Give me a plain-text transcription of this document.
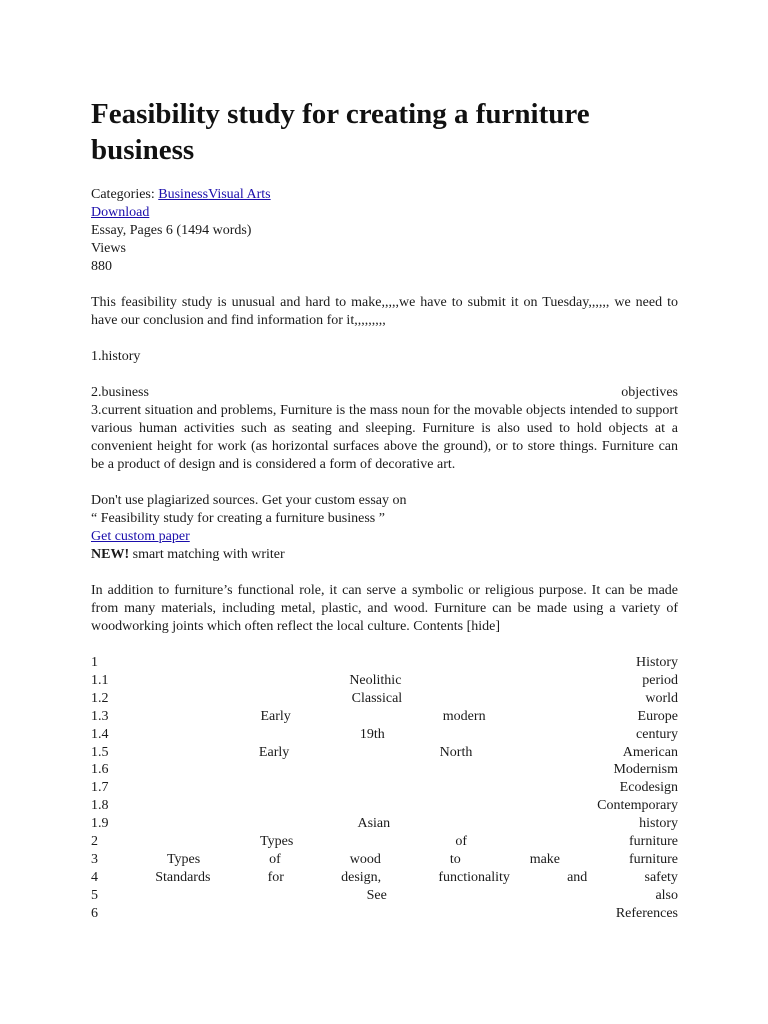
Feasibility study for creating a furniture business
Categories: BusinessVisual Arts
Download
Essay, Pages 6 (1494 words)
Views
880

This feasibility study is unusual and hard to make,,,,,we have to submit it on Tuesday,,,,,, we need to have our conclusion and find information for it,,,,,,,,,

1.history

2.business	objectives

3.current situation and problems, Furniture is the mass noun for the movable objects intended to support various human activities such as seating and sleeping. Furniture is also used to hold objects at a convenient height for work (as horizontal surfaces above the ground), or to store things. Furniture can be a product of design and is considered a form of decorative art.

Don't use plagiarized sources. Get your custom essay on
“ Feasibility study for creating a furniture business ”
Get custom paper
NEW! smart matching with writer

In addition to furniture’s functional role, it can serve a symbolic or religious purpose. It can be made from many materials, including metal, plastic, and wood. Furniture can be made using a variety of woodworking joints which often reflect the local culture. Contents [hide]

1	History
1.1	Neolithic	period
1.2	Classical	world
1.3	Early	modern	Europe
1.4	19th	century
1.5	Early	North	American
1.6	Modernism
1.7	Ecodesign
1.8	Contemporary
1.9	Asian	history
2	Types	of	furniture
3	Types	of	wood	to	make	furniture
4	Standards	for	design,	functionality	and	safety
5	See	also
6	References
